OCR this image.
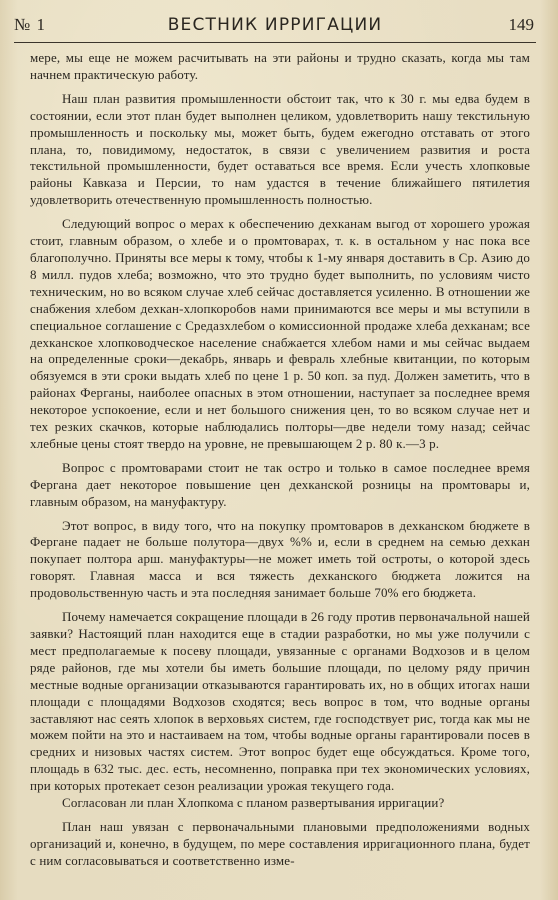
№ 1	ВЕСТНИК ИРРИГАЦИИ	149

мере, мы еще не можем расчитывать на эти районы и трудно сказать, когда мы там начнем практическую работу.

Наш план развития промышленности обстоит так, что к 30 г. мы едва будем в состоянии, если этот план будет выполнен целиком, удовлетворить нашу текстильную промышленность и поскольку мы, может быть, будем ежегодно отставать от этого плана, то, повидимому, недостаток, в связи с увеличением развития и роста текстильной промышленности, будет оставаться все время. Если учесть хлопковые районы Кавказа и Персии, то нам удастся в течение ближайшего пятилетия удовлетворить отечественную промышленность полностью.

Следующий вопрос о мерах к обеспечению дехканам выгод от хорошего урожая стоит, главным образом, о хлебе и о промтоварах, т. к. в остальном у нас пока все благополучно. Приняты все меры к тому, чтобы к 1-му января доставить в Ср. Азию до 8 милл. пудов хлеба; возможно, что это трудно будет выполнить, по условиям чисто техническим, но во всяком случае хлеб сейчас доставляется усиленно. В отношении же снабжения хлебом дехкан-хлопкоробов нами принимаются все меры и мы вступили в специальное соглашение с Средазхлебом о комиссионной продаже хлеба дехканам; все дехканское хлопководческое население снабжается хлебом нами и мы сейчас выдаем на определенные сроки—декабрь, январь и февраль хлебные квитанции, по которым обязуемся в эти сроки выдать хлеб по цене 1 р. 50 коп. за пуд. Должен заметить, что в районах Ферганы, наиболее опасных в этом отношении, наступает за последнее время некоторое успокоение, если и нет большого снижения цен, то во всяком случае нет и тех резких скачков, которые наблюдались полторы—две недели тому назад; сейчас хлебные цены стоят твердо на уровне, не превышающем 2 р. 80 к.—3 р.

Вопрос с промтоварами стоит не так остро и только в самое последнее время Фергана дает некоторое повышение цен дехканской розницы на промтовары и, главным образом, на мануфактуру.

Этот вопрос, в виду того, что на покупку промтоваров в дехканском бюджете в Фергане падает не больше полутора—двух %% и, если в среднем на семью дехкан покупает полтора арш. мануфактуры—не может иметь той остроты, о которой здесь говорят. Главная масса и вся тяжесть дехканского бюджета ложится на продовольственную часть и эта последняя занимает больше 70% его бюджета.

Почему намечается сокращение площади в 26 году против первоначальной нашей заявки? Настоящий план находится еще в стадии разработки, но мы уже получили с мест предполагаемые к посеву площади, увязанные с органами Водхозов и в целом ряде районов, где мы хотели бы иметь большие площади, по целому ряду причин местные водные организации отказываются гарантировать их, но в общих итогах наши площади с площадями Водхозов сходятся; весь вопрос в том, что водные органы заставляют нас сеять хлопок в верховьях систем, где господствует рис, тогда как мы не можем пойти на это и настаиваем на том, чтобы водные органы гарантировали посев в средних и низовых частях систем. Этот вопрос будет еще обсуждаться. Кроме того, площадь в 632 тыс. дес. есть, несомненно, поправка при тех экономических условиях, при которых протекает сезон реализации урожая текущего года.

Согласован ли план Хлопкома с планом развертывания ирригации?

План наш увязан с первоначальными плановыми предположениями водных организаций и, конечно, в будущем, по мере составления ирригационного плана, будет с ним согласовываться и соответственно изме-
